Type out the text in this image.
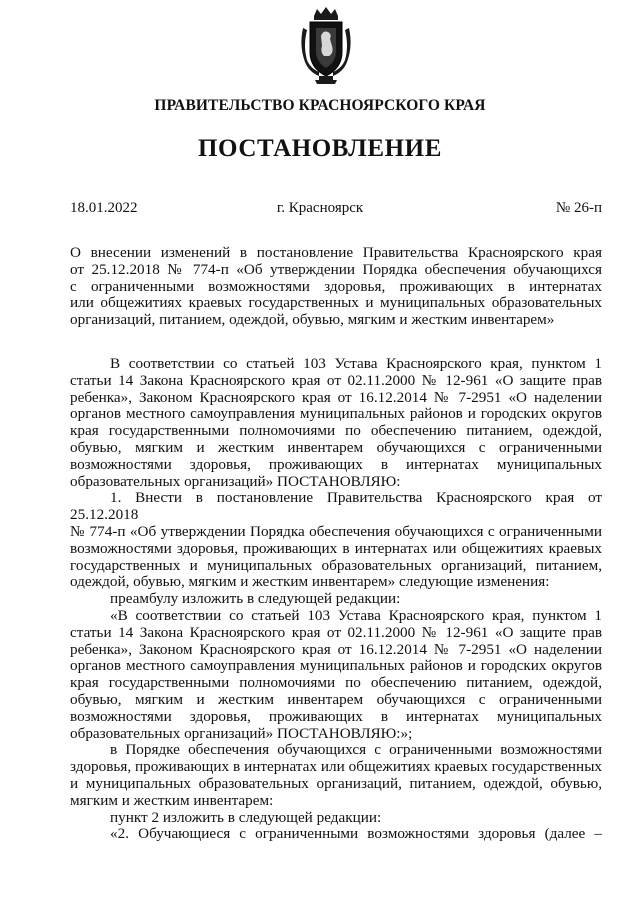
ПРАВИТЕЛЬСТВО КРАСНОЯРСКОГО КРАЯ
ПОСТАНОВЛЕНИЕ
18.01.2022	г. Красноярск	№ 26-п

О внесении изменений в постановление Правительства Красноярского края

от 25.12.2018 № 774-п «Об утверждении Порядка обеспечения обучающихся

с ограниченными возможностями здоровья, проживающих в интернатах

или общежитиях краевых государственных и муниципальных образовательных

организаций, питанием, одеждой, обувью, мягким и жестким инвентарем»

В соответствии со статьей 103 Устава Красноярского края, пунктом 1

статьи 14 Закона Красноярского края от 02.11.2000 № 12-961 «О защите прав

ребенка», Законом Красноярского края от 16.12.2014 № 7-2951 «О наделении

органов местного самоуправления муниципальных районов и городских округов

края государственными полномочиями по обеспечению питанием, одеждой,

обувью, мягким и жестким инвентарем обучающихся с ограниченными

возможностями здоровья, проживающих в интернатах муниципальных

образовательных организаций» ПОСТАНОВЛЯЮ:

1. Внести в постановление Правительства Красноярского края от 25.12.2018

№ 774-п «Об утверждении Порядка обеспечения обучающихся с ограниченными

возможностями здоровья, проживающих в интернатах или общежитиях краевых

государственных и муниципальных образовательных организаций, питанием,

одеждой, обувью, мягким и жестким инвентарем» следующие изменения:

преамбулу изложить в следующей редакции:

«В соответствии со статьей 103 Устава Красноярского края, пунктом 1

статьи 14 Закона Красноярского края от 02.11.2000 № 12-961 «О защите прав

ребенка», Законом Красноярского края от 16.12.2014 № 7-2951 «О наделении

органов местного самоуправления муниципальных районов и городских округов

края государственными полномочиями по обеспечению питанием, одеждой,

обувью, мягким и жестким инвентарем обучающихся с ограниченными

возможностями здоровья, проживающих в интернатах муниципальных

образовательных организаций» ПОСТАНОВЛЯЮ:»;

в Порядке обеспечения обучающихся с ограниченными возможностями

здоровья, проживающих в интернатах или общежитиях краевых государственных

и муниципальных образовательных организаций, питанием, одеждой, обувью,

мягким и жестким инвентарем:

пункт 2 изложить в следующей редакции:

«2. Обучающиеся с ограниченными возможностями здоровья (далее –
